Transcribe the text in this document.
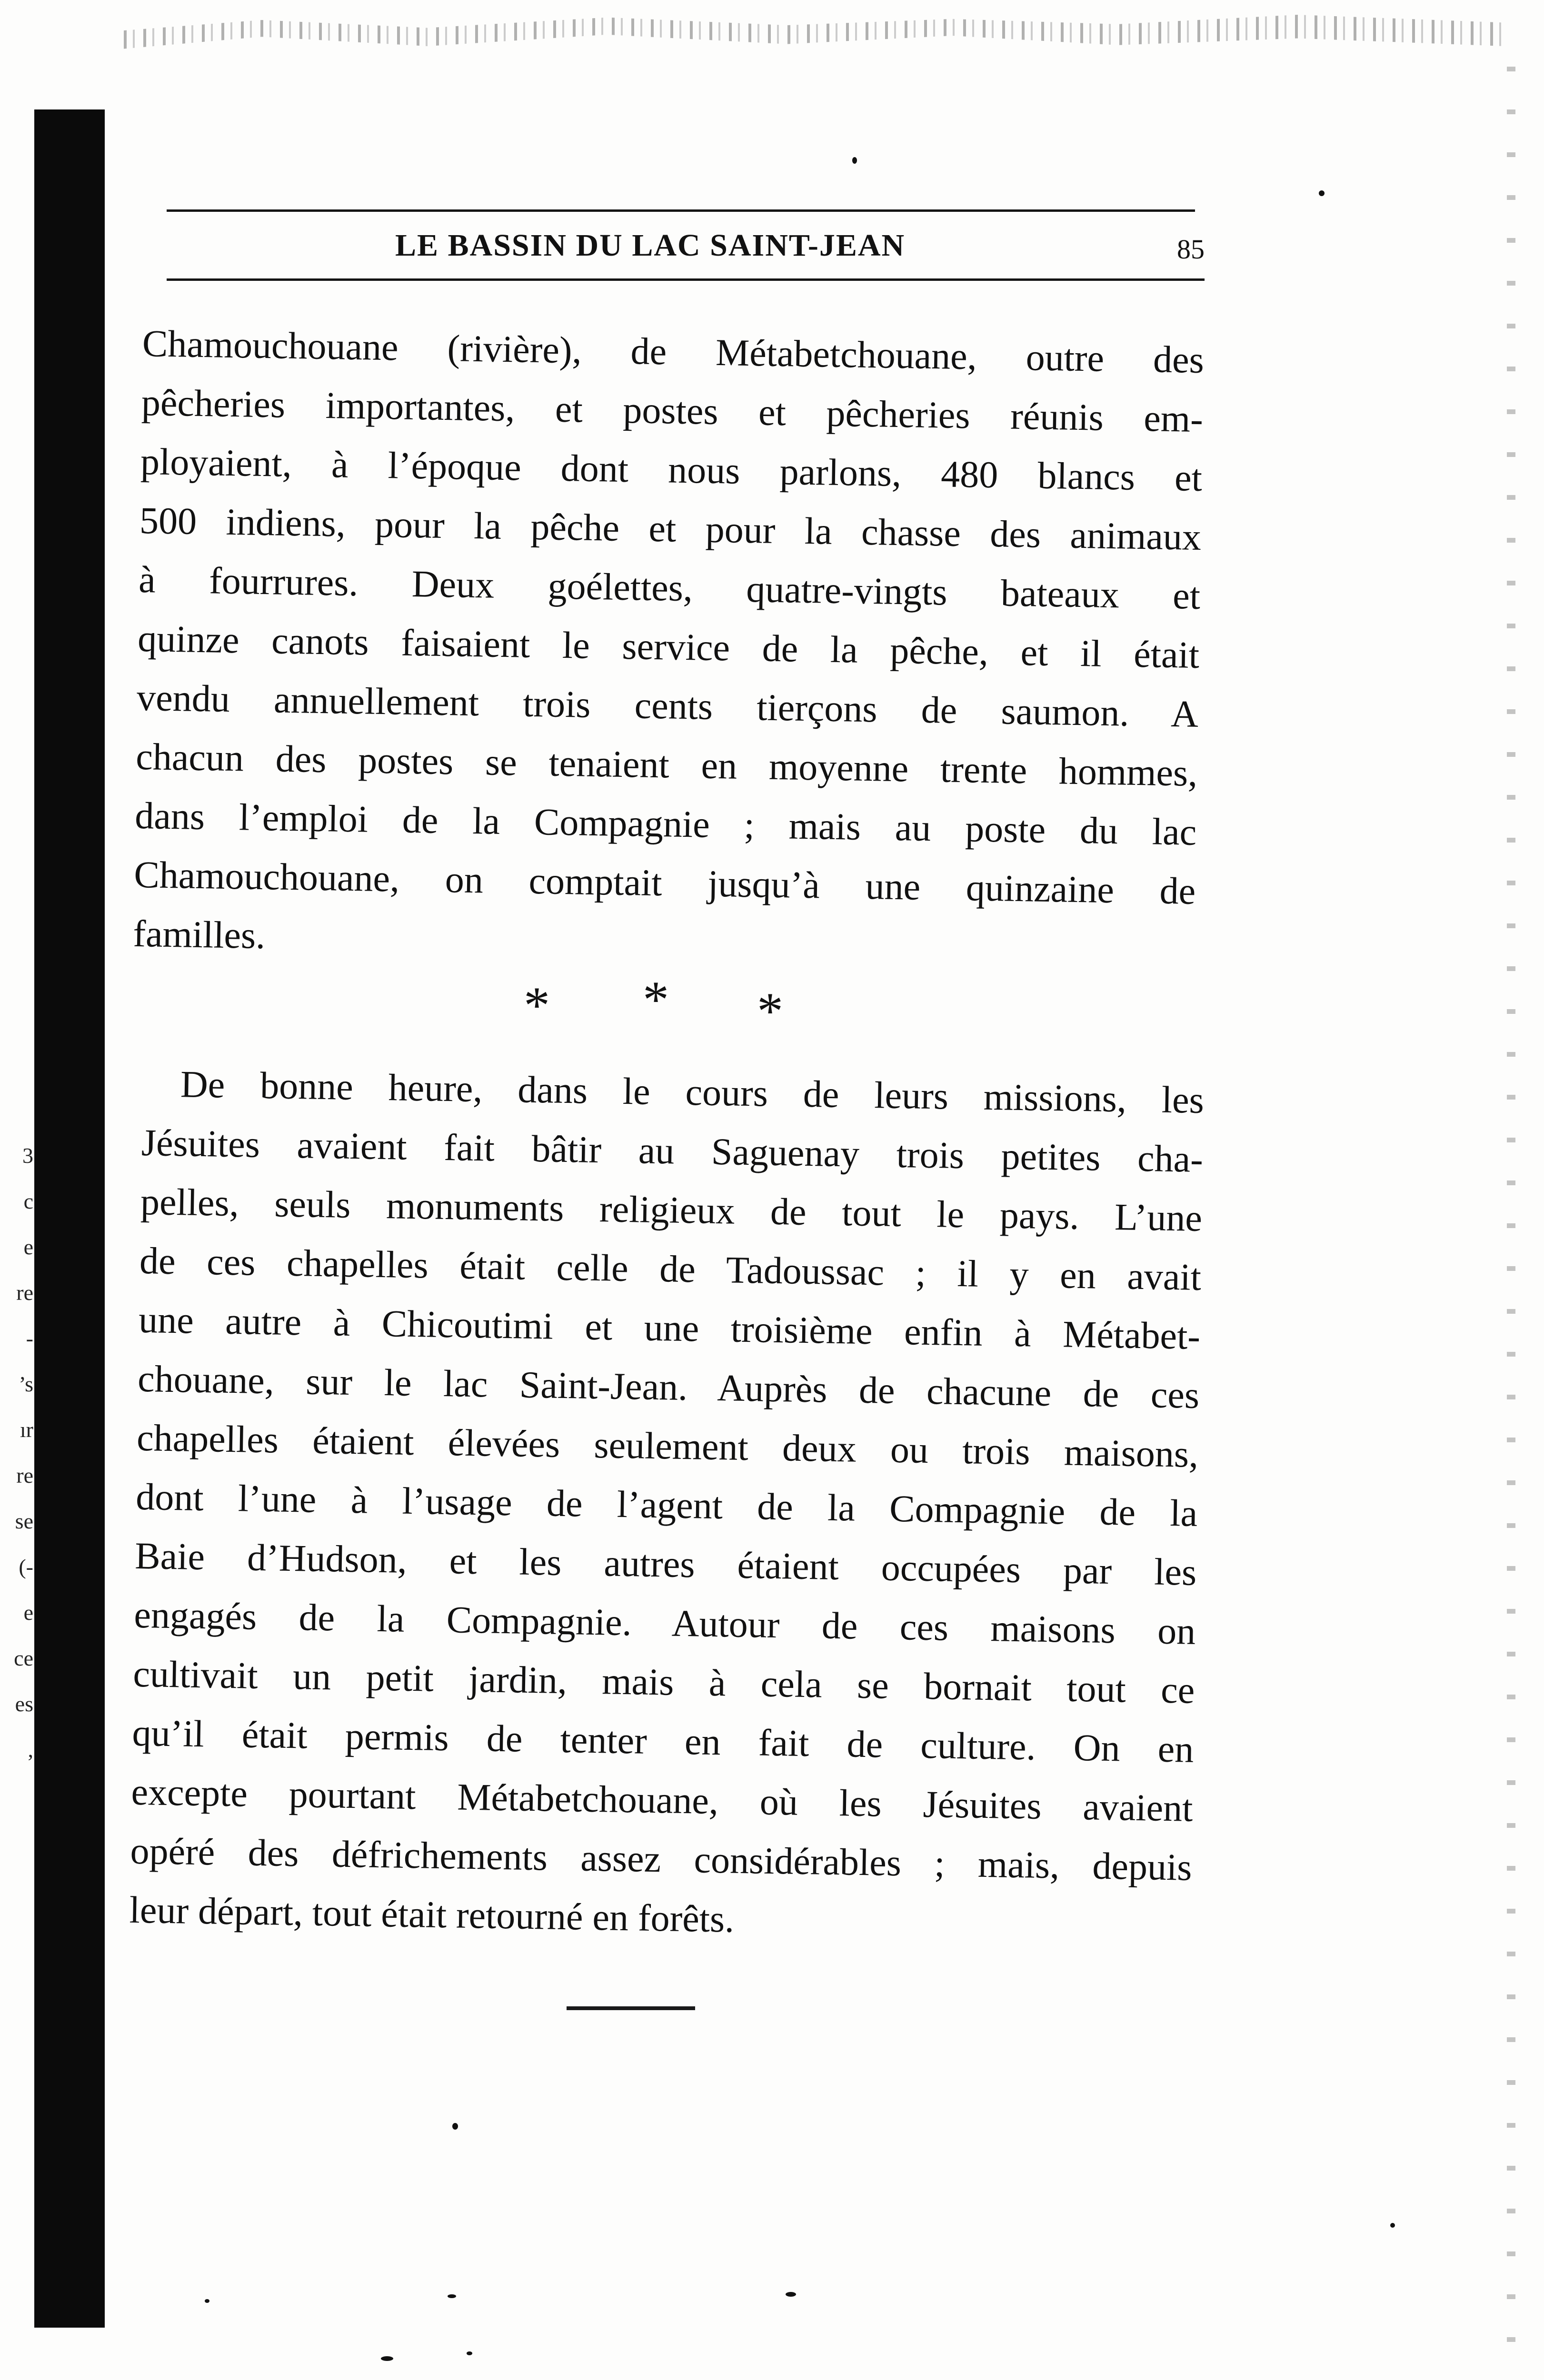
3
c
e
re
-
’s
ır
re
se
(-
e
ce
es
,
LE BASSIN DU LAC SAINT-JEAN	85
Chamouchouane (rivière), de Métabetchouane, outre des
pêcheries importantes, et postes et pêcheries réunis em-
ployaient, à l’époque dont nous parlons, 480 blancs et
500 indiens, pour la pêche et pour la chasse des animaux
à fourrures. Deux goélettes, quatre-vingts bateaux et
quinze canots faisaient le service de la pêche, et il était
vendu annuellement trois cents tierçons de saumon. A
chacun des postes se tenaient en moyenne trente hommes,
dans l’emploi de la Compagnie ; mais au poste du lac
Chamouchouane, on comptait jusqu’à une quinzaine de
familles.
* * *
De bonne heure, dans le cours de leurs missions, les
Jésuites avaient fait bâtir au Saguenay trois petites cha-
pelles, seuls monuments religieux de tout le pays. L’une
de ces chapelles était celle de Tadoussac ; il y en avait
une autre à Chicoutimi et une troisième enfin à Métabet-
chouane, sur le lac Saint-Jean. Auprès de chacune de ces
chapelles étaient élevées seulement deux ou trois maisons,
dont l’une à l’usage de l’agent de la Compagnie de la
Baie d’Hudson, et les autres étaient occupées par les
engagés de la Compagnie. Autour de ces maisons on
cultivait un petit jardin, mais à cela se bornait tout ce
qu’il était permis de tenter en fait de culture. On en
excepte pourtant Métabetchouane, où les Jésuites avaient
opéré des défrichements assez considérables ; mais, depuis
leur départ, tout était retourné en forêts.
